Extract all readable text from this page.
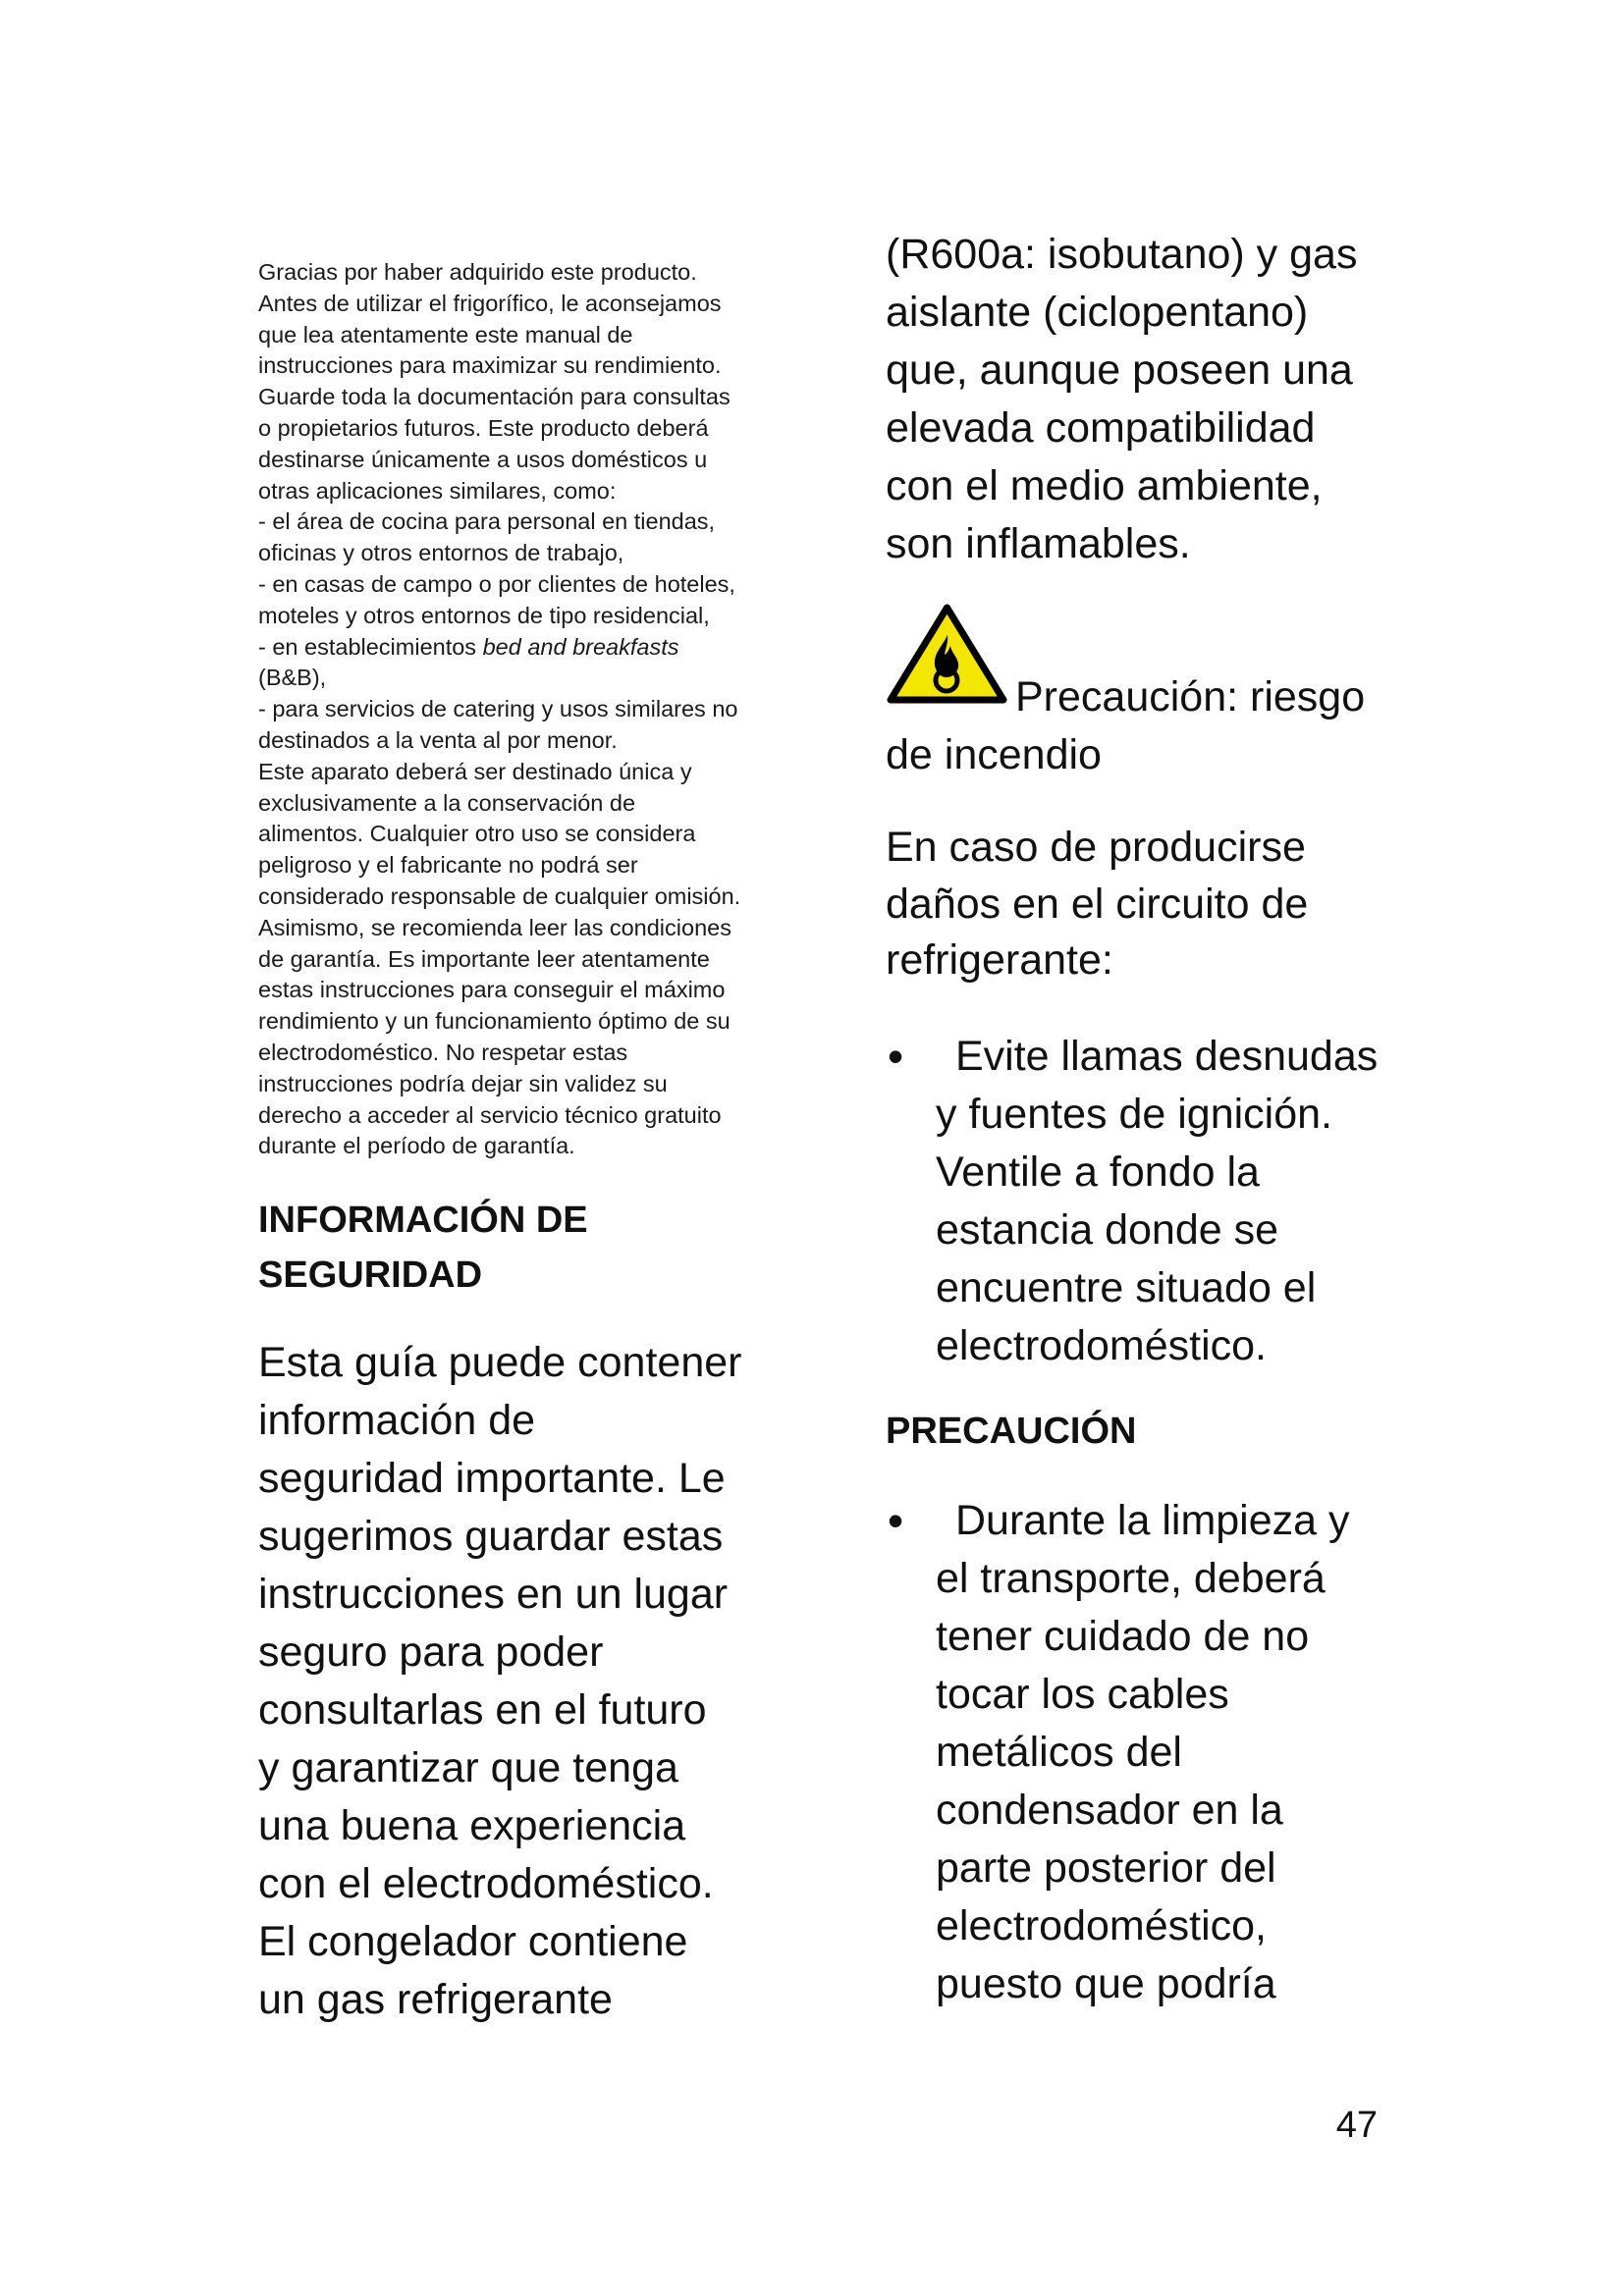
Gracias por haber adquirido este producto.
Antes de utilizar el frigorífico, le aconsejamos
que lea atentamente este manual de
instrucciones para maximizar su rendimiento.
Guarde toda la documentación para consultas
o propietarios futuros. Este producto deberá
destinarse únicamente a usos domésticos u
otras aplicaciones similares, como:
- el área de cocina para personal en tiendas,
oficinas y otros entornos de trabajo,
- en casas de campo o por clientes de hoteles,
moteles y otros entornos de tipo residencial,
- en establecimientos bed and breakfasts
(B&B),
- para servicios de catering y usos similares no
destinados a la venta al por menor.
Este aparato deberá ser destinado única y
exclusivamente a la conservación de
alimentos. Cualquier otro uso se considera
peligroso y el fabricante no podrá ser
considerado responsable de cualquier omisión.
Asimismo, se recomienda leer las condiciones
de garantía. Es importante leer atentamente
estas instrucciones para conseguir el máximo
rendimiento y un funcionamiento óptimo de su
electrodoméstico. No respetar estas
instrucciones podría dejar sin validez su
derecho a acceder al servicio técnico gratuito
durante el período de garantía.
INFORMACIÓN DE
SEGURIDAD
Esta guía puede contener
información de
seguridad importante. Le
sugerimos guardar estas
instrucciones en un lugar
seguro para poder
consultarlas en el futuro
y garantizar que tenga
una buena experiencia
con el electrodoméstico.
El congelador contiene
un gas refrigerante
(R600a: isobutano) y gas
aislante (ciclopentano)
que, aunque poseen una
elevada compatibilidad
con el medio ambiente,
son inflamables.
Precaución: riesgo
de incendio
En caso de producirse
daños en el circuito de
refrigerante:
•	Evite llamas desnudas
y fuentes de ignición.
Ventile a fondo la
estancia donde se
encuentre situado el
electrodoméstico.
PRECAUCIÓN
•	Durante la limpieza y
el transporte, deberá
tener cuidado de no
tocar los cables
metálicos del
condensador en la
parte posterior del
electrodoméstico,
puesto que podría
47
